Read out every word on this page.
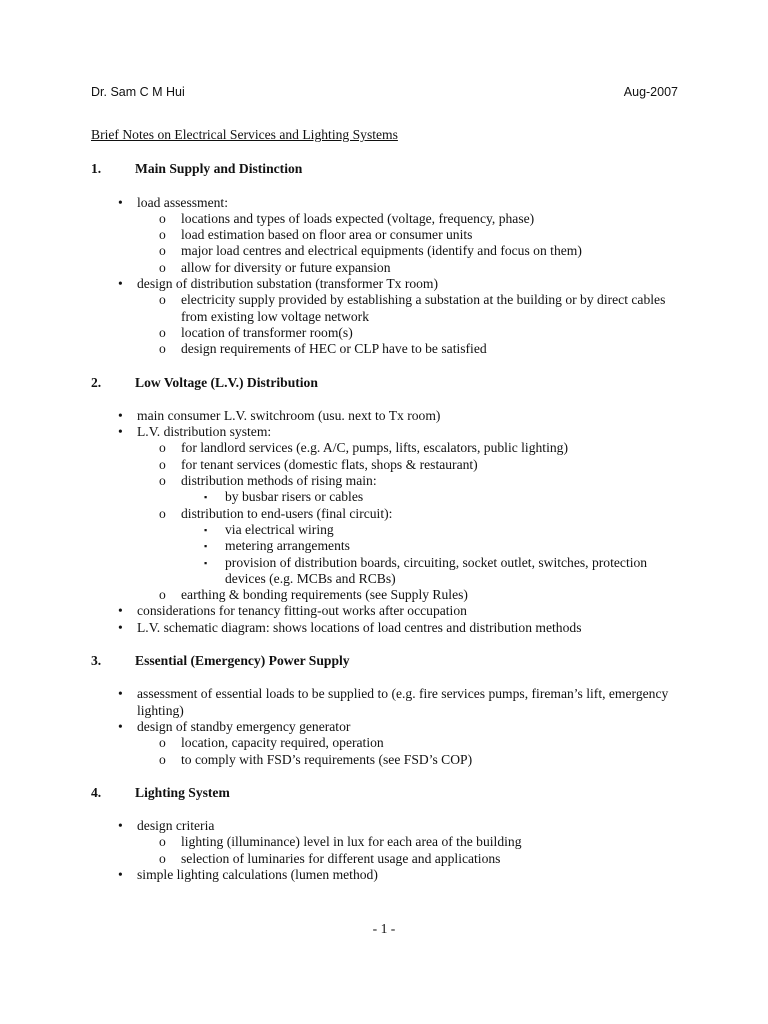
Dr. Sam C M Hui	Aug-2007
Brief Notes on Electrical Services and Lighting Systems
1.	Main Supply and Distinction
• load assessment:
o locations and types of loads expected (voltage, frequency, phase)
o load estimation based on floor area or consumer units
o major load centres and electrical equipments (identify and focus on them)
o allow for diversity or future expansion
• design of distribution substation (transformer Tx room)
o electricity supply provided by establishing a substation at the building or by direct cables from existing low voltage network
o location of transformer room(s)
o design requirements of HEC or CLP have to be satisfied
2.	Low Voltage (L.V.) Distribution
• main consumer L.V. switchroom (usu. next to Tx room)
• L.V. distribution system:
o for landlord services (e.g. A/C, pumps, lifts, escalators, public lighting)
o for tenant services (domestic flats, shops & restaurant)
o distribution methods of rising main:
▪ by busbar risers or cables
o distribution to end-users (final circuit):
▪ via electrical wiring
▪ metering arrangements
▪ provision of distribution boards, circuiting, socket outlet, switches, protection devices (e.g. MCBs and RCBs)
o earthing & bonding requirements (see Supply Rules)
• considerations for tenancy fitting-out works after occupation
• L.V. schematic diagram: shows locations of load centres and distribution methods
3.	Essential (Emergency) Power Supply
• assessment of essential loads to be supplied to (e.g. fire services pumps, fireman’s lift, emergency lighting)
• design of standby emergency generator
o location, capacity required, operation
o to comply with FSD’s requirements (see FSD’s COP)
4.	Lighting System
• design criteria
o lighting (illuminance) level in lux for each area of the building
o selection of luminaries for different usage and applications
• simple lighting calculations (lumen method)
- 1 -
